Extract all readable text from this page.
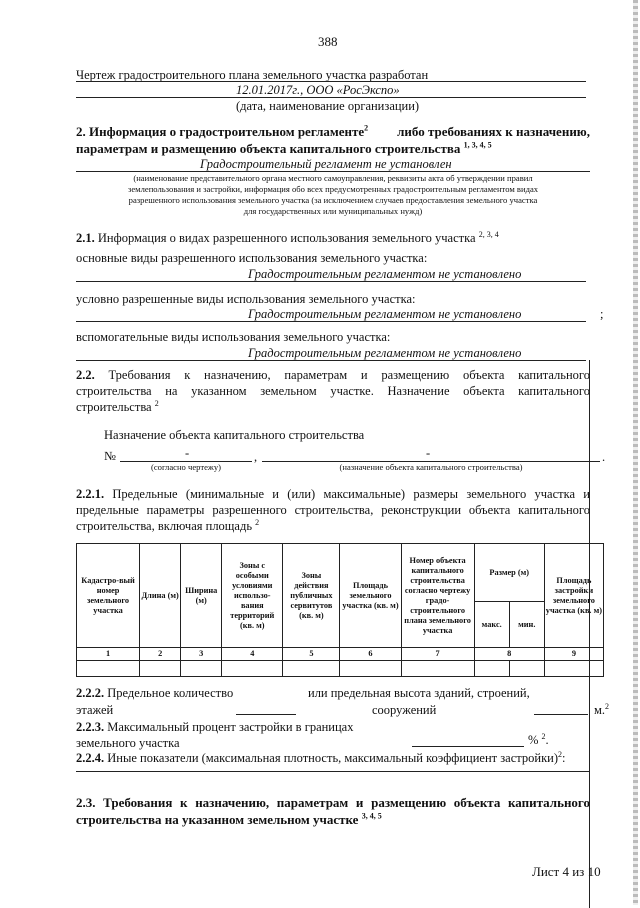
388
Чертеж градостроительного плана земельного участка разработан
12.01.2017г., ООО «РосЭкспо»
(дата, наименование организации)
2. Информация о градостроительном регламенте$^2$ либо требованиях к назначению,
параметрам и размещению объекта капитального строительства $^{1, 3, 4, 5}$
Градостроительный регламент не установлен
(наименование представительного органа местного самоуправления, реквизиты акта об утверждении правил
землепользования и застройки, информация обо всех предусмотренных градостроительным регламентом видах
разрешенного использования земельного участка (за исключением случаев предоставления земельного участка
для государственных или муниципальных нужд)
2.1. Информация о видах разрешенного использования земельного участка $^{2, 3, 4}$
основные виды разрешенного использования земельного участка:
Градостроительным регламентом не установлено
условно разрешенные виды использования земельного участка:
Градостроительным регламентом не установлено	;
вспомогательные виды использования земельного участка:
Градостроительным регламентом не установлено
2.2. Требования к назначению, параметрам и размещению объекта капитального
строительства на указанном земельном участке. Назначение объекта капитального
строительства $^2$
Назначение объекта капитального строительства
№	-	,	-	.
(согласно чертежу)	(назначение объекта капитального строительства)
2.2.1. Предельные (минимальные и (или) максимальные) размеры земельного участка и
предельные параметры разрешенного строительства, реконструкции объекта капитального
строительства, включая площадь $^2$
Кадастро-вый номер земельного участка	Длина (м)	Ширина (м)	Зоны с особыми условиями использо-вания территорий (кв. м)	Зоны действия публичных сервитутов (кв. м)	Площадь земельного участка (кв. м)	Номер объекта капитального строительства согласно чертежу градо-строительного плана земельного участка	Размер (м)		Площадь застройки земельного участка (кв. м)
							макс.	мин.	
1	2	3	4	5	6	7	8		9

2.2.2. Предельное количество	или предельная высота зданий, строений,
этажей	сооружений	м.$^2$
2.2.3. Максимальный процент застройки в границах
земельного участка	% $^2$.
2.2.4. Иные показатели (максимальная плотность, максимальный коэффициент застройки)$^2$:
2.3. Требования к назначению, параметрам и размещению объекта капитального
строительства на указанном земельном участке $^{3, 4, 5}$
Лист 4 из 10
